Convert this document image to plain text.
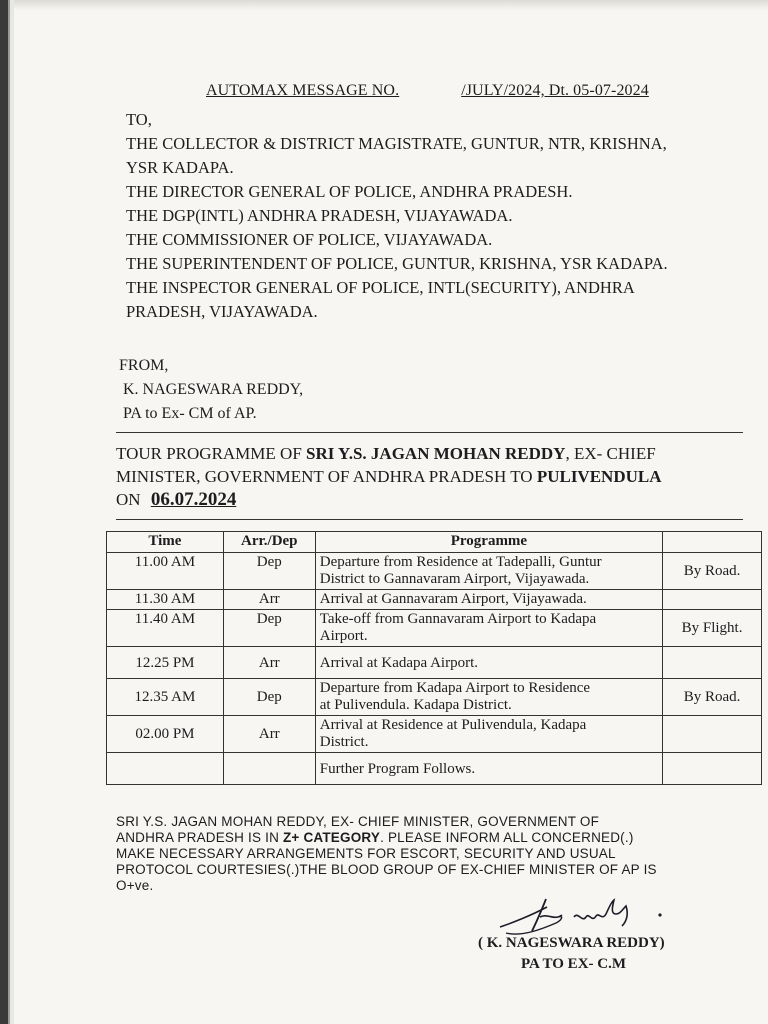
AUTOMAX MESSAGE NO.	/JULY/2024, Dt. 05-07-2024
TO,
THE COLLECTOR & DISTRICT MAGISTRATE, GUNTUR, NTR, KRISHNA,
YSR KADAPA.
THE DIRECTOR GENERAL OF POLICE, ANDHRA PRADESH.
THE DGP(INTL) ANDHRA PRADESH, VIJAYAWADA.
THE COMMISSIONER OF POLICE, VIJAYAWADA.
THE SUPERINTENDENT OF POLICE, GUNTUR, KRISHNA, YSR KADAPA.
THE INSPECTOR GENERAL OF POLICE, INTL(SECURITY), ANDHRA
PRADESH, VIJAYAWADA.
FROM,
K. NAGESWARA REDDY,
PA to Ex- CM of AP.
TOUR PROGRAMME OF SRI Y.S. JAGAN MOHAN REDDY, EX- CHIEF
MINISTER, GOVERNMENT OF ANDHRA PRADESH TO PULIVENDULA
ON 06.07.2024
Time	Arr./Dep	Programme	
11.00 AM	Dep	Departure from Residence at Tadepalli, Guntur
District to Gannavaram Airport, Vijayawada.	By Road.
11.30 AM	Arr	Arrival at Gannavaram Airport, Vijayawada.	

11.40 AM	Dep	Take-off from Gannavaram Airport to Kadapa
Airport.	By Flight.
12.25 PM	Arr	Arrival at Kadapa Airport.	

12.35 AM	Dep	Departure from Kadapa Airport to Residence
at Pulivendula. Kadapa District.	By Road.
02.00 PM	Arr	Arrival at Residence at Pulivendula, Kadapa
District.	

		Further Program Follows.	

SRI Y.S. JAGAN MOHAN REDDY, EX- CHIEF MINISTER, GOVERNMENT OF
ANDHRA PRADESH IS IN Z+ CATEGORY. PLEASE INFORM ALL CONCERNED(.)
MAKE NECESSARY ARRANGEMENTS FOR ESCORT, SECURITY AND USUAL
PROTOCOL COURTESIES(.)THE BLOOD GROUP OF EX-CHIEF MINISTER OF AP IS
O+ve.
( K. NAGESWARA REDDY)
PA TO EX- C.M
